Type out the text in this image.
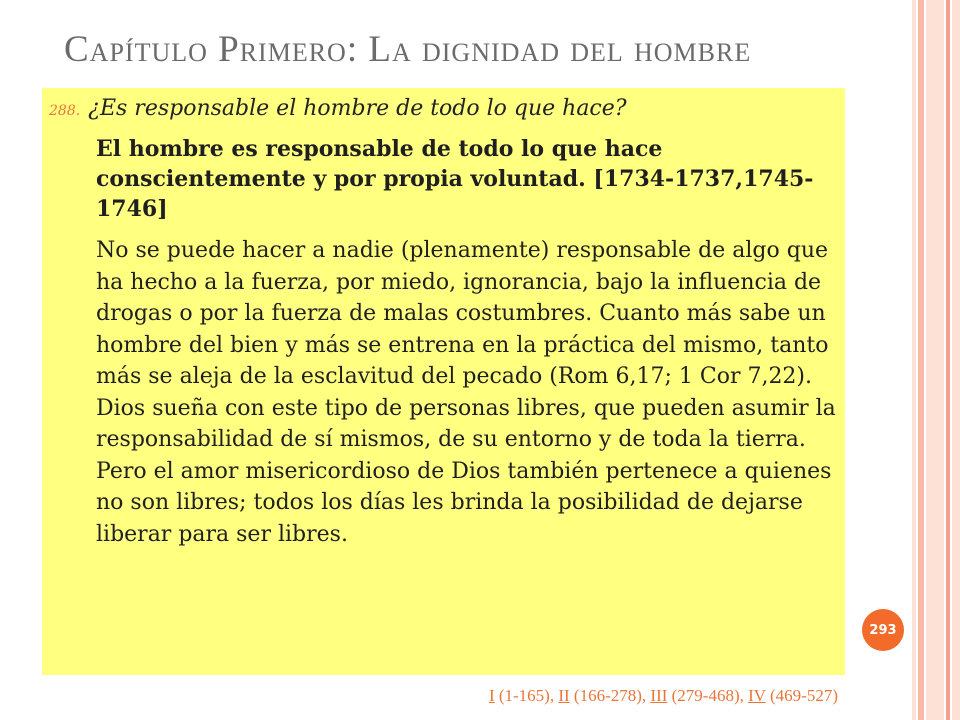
Capítulo Primero: La dignidad del hombre
288. ¿Es responsable el hombre de todo lo que hace?
El hombre es responsable de todo lo que hace conscientemente y por propia voluntad. [1734-1737,1745-1746]
No se puede hacer a nadie (plenamente) responsable de algo que ha hecho a la fuerza, por miedo, ignorancia, bajo la influencia de drogas o por la fuerza de malas costumbres. Cuanto más sabe un hombre del bien y más se entrena en la práctica del mismo, tanto más se aleja de la esclavitud del pecado (Rom 6,17; 1 Cor 7,22). Dios sueña con este tipo de personas libres, que pueden asumir la responsabilidad de sí mismos, de su entorno y de toda la tierra. Pero el amor misericordioso de Dios también pertenece a quienes no son libres; todos los días les brinda la posibilidad de dejarse liberar para ser libres.
293
I (1-165), II (166-278), III (279-468), IV (469-527)
